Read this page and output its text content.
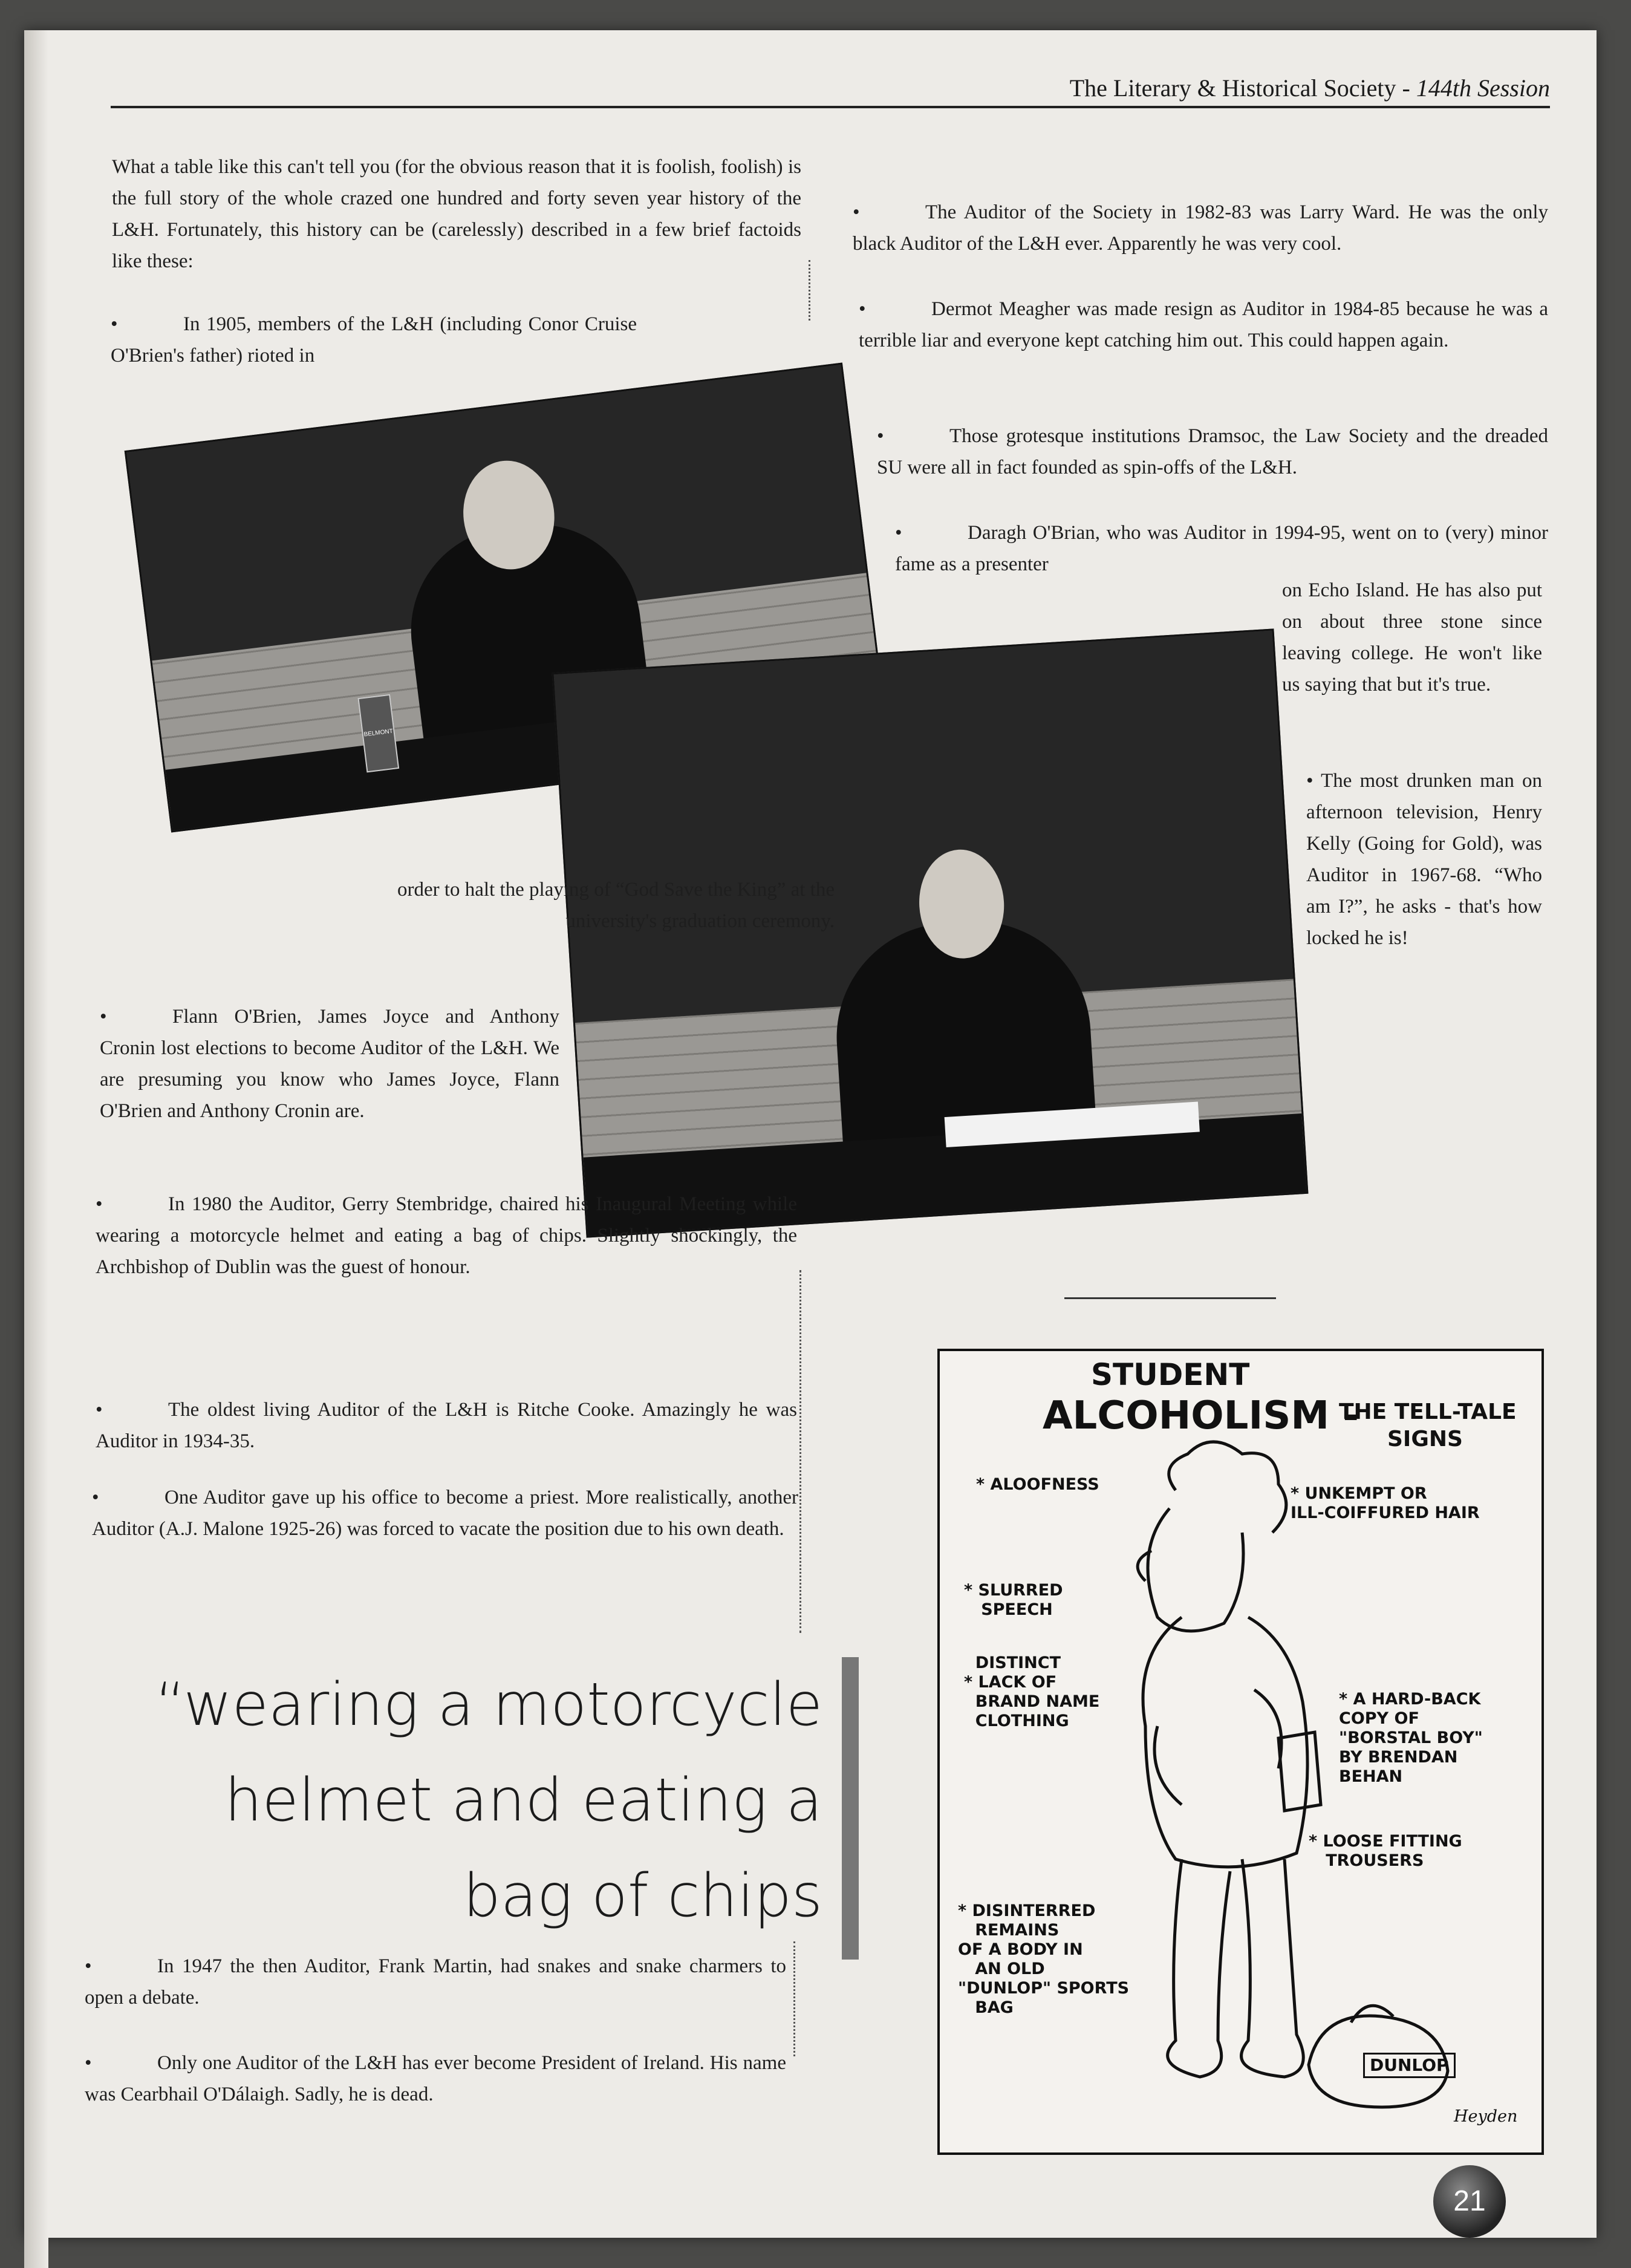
The Literary & Historical Society - 144th Session

What a table like this can't tell you (for the obvious reason that it is foolish, foolish) is the full story of the whole crazed one hundred and forty seven year history of the L&H. Fortunately, this history can be (carelessly) described in a few brief factoids like these:

•	In 1905, members of the L&H (including Conor Cruise O'Brien's father) rioted in
BELMONT
order to halt the playing of “God Save the King” at the university's graduation ceremony.
•	Flann O'Brien, James Joyce and Anthony Cronin lost elections to become Auditor of the L&H. We are presuming you know who James Joyce, Flann O'Brien and Anthony Cronin are.
•	In 1980 the Auditor, Gerry Stembridge, chaired his Inaugural Meeting while wearing a motorcycle helmet and eating a bag of chips. Slightly shockingly, the Archbishop of Dublin was the guest of honour.
•	The oldest living Auditor of the L&H is Ritche Cooke. Amazingly he was Auditor in 1934-35.
•	One Auditor gave up his office to become a priest. More realistically, another Auditor (A.J. Malone 1925-26) was forced to vacate the position due to his own death.
“wearing a motorcycle
helmet and eating a
bag of chips
•	In 1947 the then Auditor, Frank Martin, had snakes and snake charmers to open a debate.
•	Only one Auditor of the L&H has ever become President of Ireland. His name was Cearbhail O'Dálaigh. Sadly, he is dead.
•	The Auditor of the Society in 1982-83 was Larry Ward. He was the only black Auditor of the L&H ever. Apparently he was very cool.
•	Dermot Meagher was made resign as Auditor in 1984-85 because he was a terrible liar and everyone kept catching him out. This could happen again.
•	Those grotesque institutions Dramsoc, the Law Society and the dreaded SU were all in fact founded as spin-offs of the L&H.
•	Daragh O'Brian, who was Auditor in 1994-95, went on to (very) minor fame as a presenter
on Echo Island. He has also put on about three stone since leaving college. He won't like us saying that but it's true.
• The most drunken man on afternoon television, Henry Kelly (Going for Gold), was Auditor in 1967-68. “Who am I?”, he asks - that's how locked he is!
STUDENT
ALCOHOLISM -
THE TELL-TALE
SIGNS
* ALOOFNESS	* UNKEMPT OR
ILL-COIFFURED HAIR
* SLURRED
SPEECH
DISTINCT
* LACK OF
BRAND NAME
CLOTHING
* A HARD-BACK
COPY OF
"BORSTAL BOY"
BY BRENDAN
BEHAN
* LOOSE FITTING
TROUSERS
* DISINTERRED
REMAINS
OF A BODY IN
AN OLD
"DUNLOP" SPORTS
BAG
DUNLOP
Heyden
21
